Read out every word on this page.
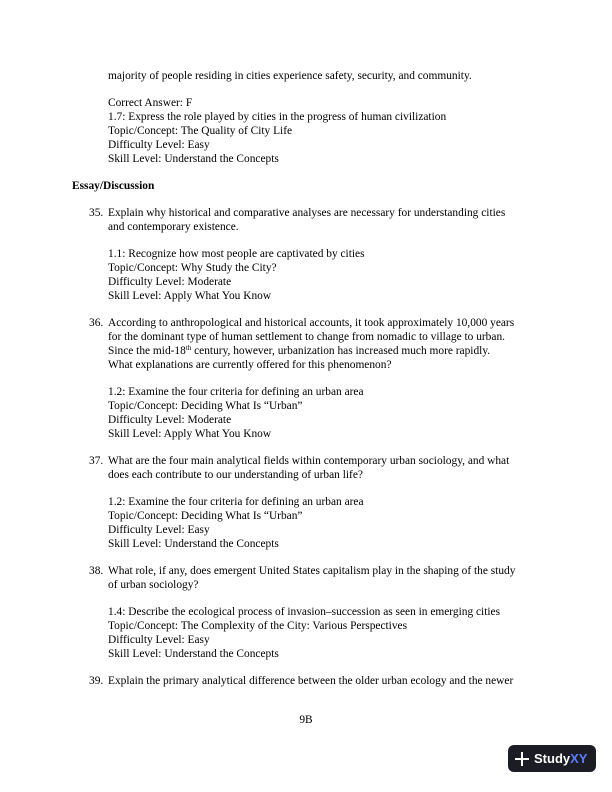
majority of people residing in cities experience safety, security, and community.
Correct Answer: F
1.7: Express the role played by cities in the progress of human civilization
Topic/Concept: The Quality of City Life
Difficulty Level: Easy
Skill Level: Understand the Concepts
Essay/Discussion
35. Explain why historical and comparative analyses are necessary for understanding cities
and contemporary existence.
1.1: Recognize how most people are captivated by cities
Topic/Concept: Why Study the City?
Difficulty Level: Moderate
Skill Level: Apply What You Know
36. According to anthropological and historical accounts, it took approximately 10,000 years
for the dominant type of human settlement to change from nomadic to village to urban.
Since the mid-18th century, however, urbanization has increased much more rapidly.
What explanations are currently offered for this phenomenon?
1.2: Examine the four criteria for defining an urban area
Topic/Concept: Deciding What Is “Urban”
Difficulty Level: Moderate
Skill Level: Apply What You Know
37. What are the four main analytical fields within contemporary urban sociology, and what
does each contribute to our understanding of urban life?
1.2: Examine the four criteria for defining an urban area
Topic/Concept: Deciding What Is “Urban”
Difficulty Level: Easy
Skill Level: Understand the Concepts
38. What role, if any, does emergent United States capitalism play in the shaping of the study
of urban sociology?
1.4: Describe the ecological process of invasion–succession as seen in emerging cities
Topic/Concept: The Complexity of the City: Various Perspectives
Difficulty Level: Easy
Skill Level: Understand the Concepts
39. Explain the primary analytical difference between the older urban ecology and the newer
9B
StudyXY
